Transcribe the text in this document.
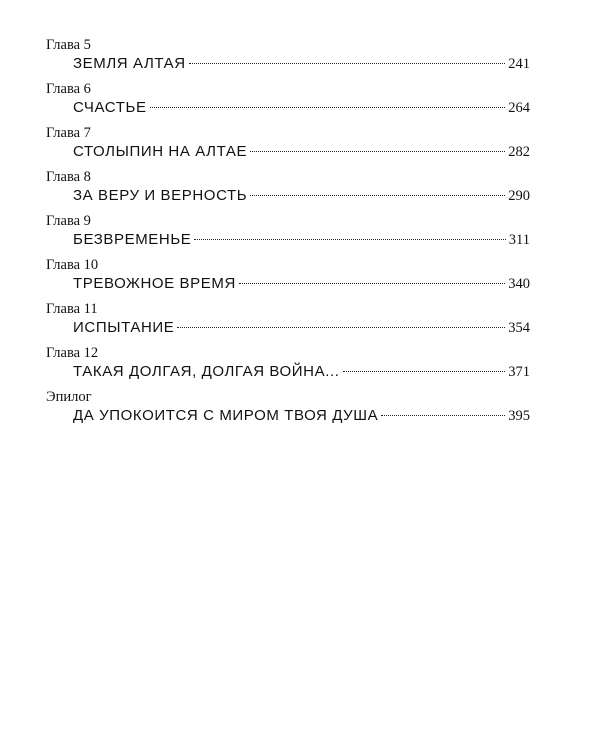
Глава 5
ЗЕМЛЯ АЛТАЯ	241
Глава 6
СЧАСТЬЕ	264
Глава 7
СТОЛЫПИН НА АЛТАЕ	282
Глава 8
ЗА ВЕРУ И ВЕРНОСТЬ	290
Глава 9
БЕЗВРЕМЕНЬЕ	311
Глава 10
ТРЕВОЖНОЕ ВРЕМЯ	340
Глава 11
ИСПЫТАНИЕ	354
Глава 12
ТАКАЯ ДОЛГАЯ, ДОЛГАЯ ВОЙНА...	371
Эпилог
ДА УПОКОИТСЯ С МИРОМ ТВОЯ ДУША	395
